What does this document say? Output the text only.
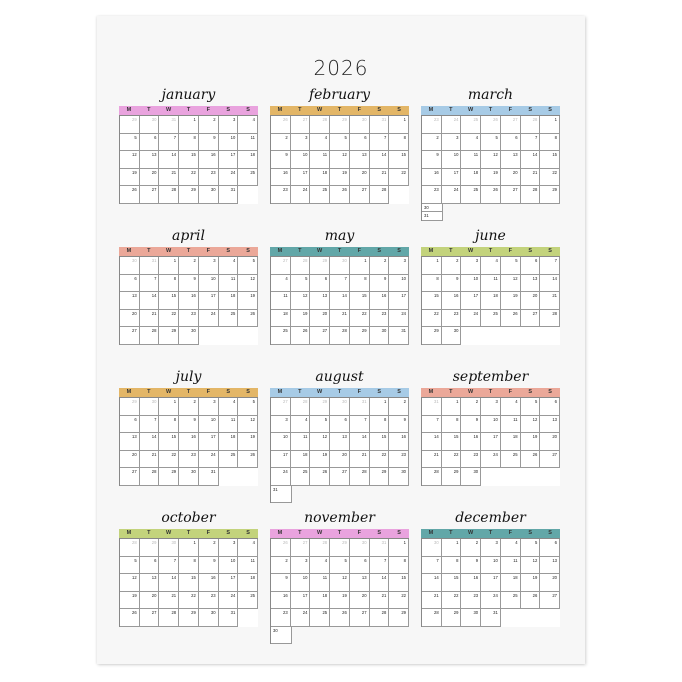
2026
january
M	T	W	T	F	S	S
29	30	31	1	2	3	4
5	6	7	8	9	10	11
12	13	14	15	16	17	18
19	20	21	22	23	24	25
26	27	28	29	30	31
february
M	T	W	T	F	S	S
26	27	28	29	30	31	1
2	3	4	5	6	7	8
9	10	11	12	13	14	15
16	17	18	19	20	21	22
23	24	25	26	27	28
march
M	T	W	T	F	S	S
23	24	25	26	27	28	1
2	3	4	5	6	7	8
9	10	11	12	13	14	15
16	17	18	19	20	21	22
23	24	25	26	27	28	29
30
31
april
M	T	W	T	F	S	S
30	31	1	2	3	4	5
6	7	8	9	10	11	12
13	14	15	16	17	18	19
20	21	22	23	24	25	26
27	28	29	30
may
M	T	W	T	F	S	S
27	28	29	30	1	2	3
4	5	6	7	8	9	10
11	12	13	14	15	16	17
18	19	20	21	22	23	24
25	26	27	28	29	30	31
june
M	T	W	T	F	S	S
1	2	3	4	5	6	7
8	9	10	11	12	13	14
15	16	17	18	19	20	21
22	23	24	25	26	27	28
29	30
july
M	T	W	T	F	S	S
29	30	1	2	3	4	5
6	7	8	9	10	11	12
13	14	15	16	17	18	19
20	21	22	23	24	25	26
27	28	29	30	31
august
M	T	W	T	F	S	S
27	28	29	30	31	1	2
3	4	5	6	7	8	9
10	11	12	13	14	15	16
17	18	19	20	21	22	23
24	25	26	27	28	29	30
31
september
M	T	W	T	F	S	S
31	1	2	3	4	5	6
7	8	9	10	11	12	13
14	15	16	17	18	19	20
21	22	23	24	25	26	27
28	29	30
october
M	T	W	T	F	S	S
28	29	30	1	2	3	4
5	6	7	8	9	10	11
12	13	14	15	16	17	18
19	20	21	22	23	24	25
26	27	28	29	30	31
november
M	T	W	T	F	S	S
26	27	28	29	30	31	1
2	3	4	5	6	7	8
9	10	11	12	13	14	15
16	17	18	19	20	21	22
23	24	25	26	27	28	29
30
december
M	T	W	T	F	S	S
30	1	2	3	4	5	6
7	8	9	10	11	12	13
14	15	16	17	18	19	20
21	22	23	24	25	26	27
28	29	30	31
